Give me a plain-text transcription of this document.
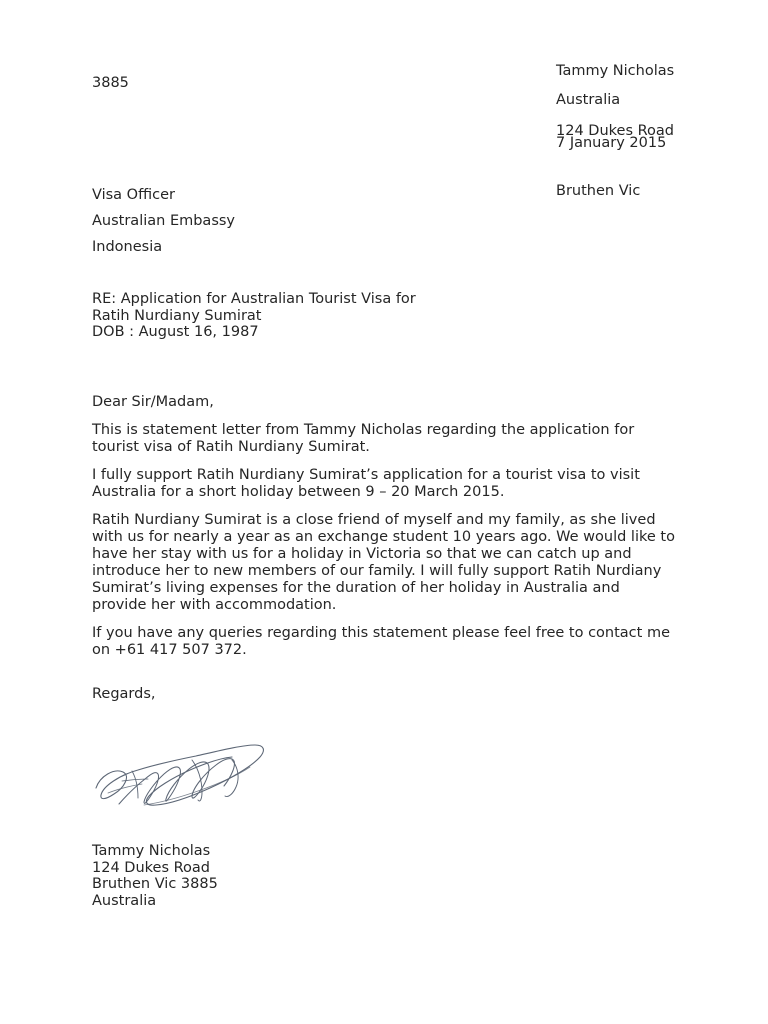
Tammy Nicholas

124 Dukes Road

Bruthen Vic

Australia
7 January 2015
3885
Visa Officer
Australian Embassy
Indonesia
RE: Application for Australian Tourist Visa for
Ratih Nurdiany Sumirat
DOB : August 16, 1987

Dear Sir/Madam,

This is statement letter from Tammy Nicholas regarding the application for tourist visa of Ratih Nurdiany Sumirat.

I fully support Ratih Nurdiany Sumirat’s application for a tourist visa to visit Australia for a short holiday between 9 – 20 March 2015.

Ratih Nurdiany Sumirat is a close friend of myself and my family, as she lived with us for nearly a year as an exchange student 10 years ago. We would like to have her stay with us for a holiday in Victoria so that we can catch up and introduce her to new members of our family. I will fully support Ratih Nurdiany Sumirat’s living expenses for the duration of her holiday in Australia and provide her with accommodation.

If you have any queries regarding this statement please feel free to contact me on +61 417 507 372.

Regards,
Tammy Nicholas
124 Dukes Road
Bruthen Vic 3885
Australia
